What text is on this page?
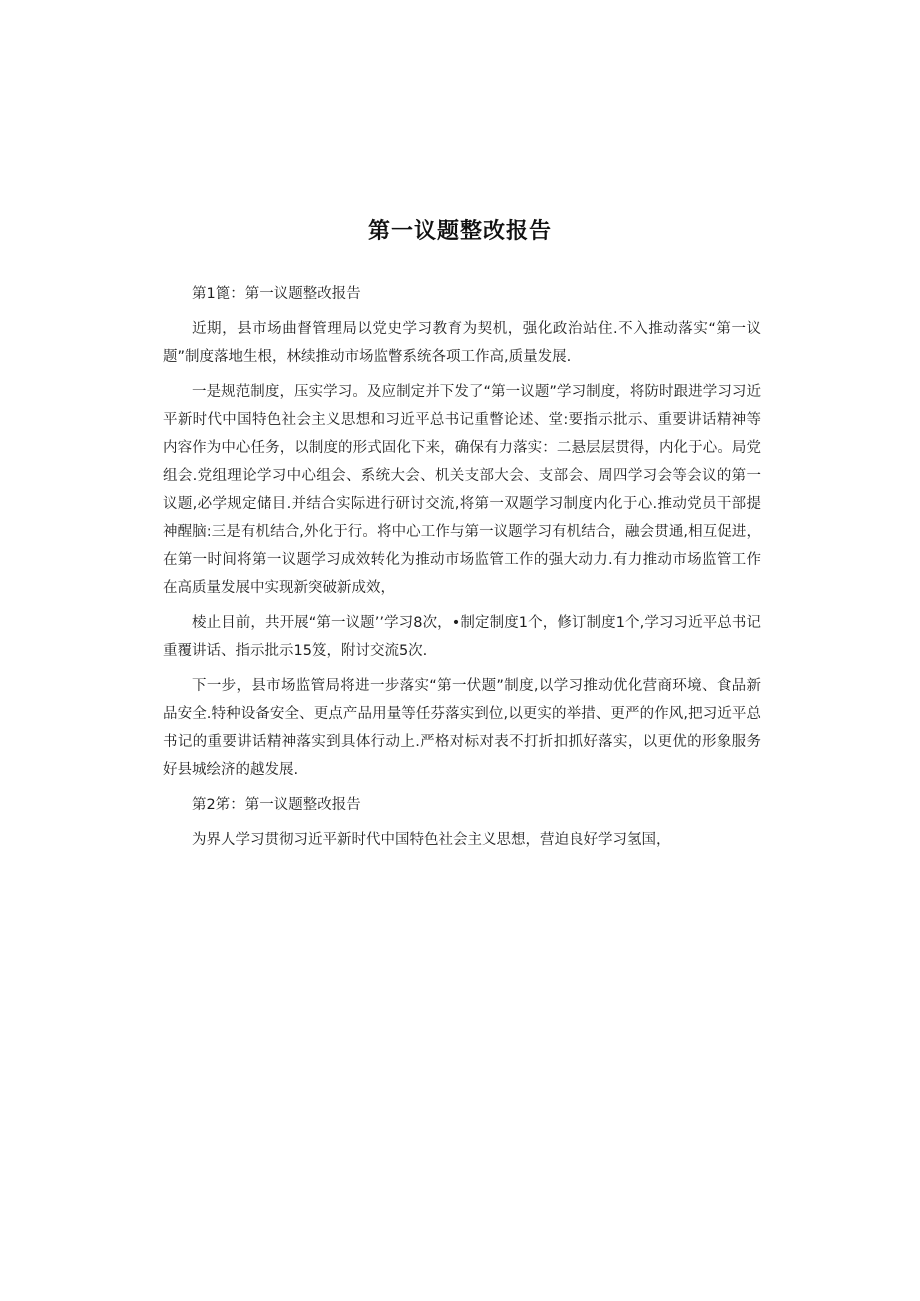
第一议题整改报告

第1篦：第一议题整改报告

近期，县市场曲督管理局以党史学习教育为契机，强化政治站住.不入推动落实“第一议题”制度落地生根，林续推动市场监瞥系统各项工作高,质量发展.

一是规范制度，压实学习。及应制定并下发了“第一议题”学习制度，将防时跟进学习习近平新时代中国特色社会主义思想和习近平总书记重瞥论述、堂:要指示批示、重要讲话精神等内容作为中心任务，以制度的形式固化下来，确保有力落实：二悬层层贯得，内化于心。局党组会.党组理论学习中心组会、系统大会、机关支部大会、支部会、周四学习会等会议的第一议题,必学规定储目.并结合实际进行研讨交流,将第一双题学习制度内化于心.推动党员干部提神醒脑:三是有机结合,外化于行。将中心工作与第一议题学习有机结合，融会贯通,相互促进，在第一时间将第一议题学习成效转化为推动市场监管工作的强大动力.有力推动市场监管工作在高质量发展中实现新突破新成效，

棱止目前，共开展“第一议题’’学习8次，•制定制度1个，修订制度1个,学习习近平总书记重覆讲话、指示批示15笈，附讨交流5次.

下一步，县市场监管局将进一步落实“第一伏题”制度,以学习推动优化营商环境、食品新品安全.特种设备安全、更点产品用量等任芬落实到位,以更实的举措、更严的作风,把习近平总书记的重要讲话精神落实到具体行动上.严格对标对表不打折扣抓好落实，以更优的形象服务好县城绘济的越发展.

第2笫：第一议题整改报告

为界人学习贯彻习近平新时代中国特色社会主义思想，营迫良好学习氢国，
